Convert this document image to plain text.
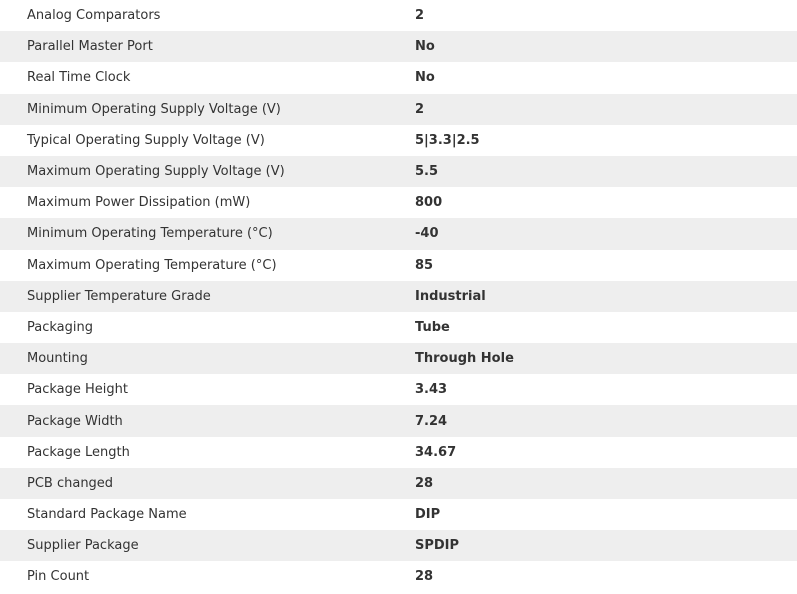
Analog Comparators	2
Parallel Master Port	No
Real Time Clock	No
Minimum Operating Supply Voltage (V)	2
Typical Operating Supply Voltage (V)	5|3.3|2.5
Maximum Operating Supply Voltage (V)	5.5
Maximum Power Dissipation (mW)	800
Minimum Operating Temperature (°C)	-40
Maximum Operating Temperature (°C)	85
Supplier Temperature Grade	Industrial
Packaging	Tube
Mounting	Through Hole
Package Height	3.43
Package Width	7.24
Package Length	34.67
PCB changed	28
Standard Package Name	DIP
Supplier Package	SPDIP
Pin Count	28
